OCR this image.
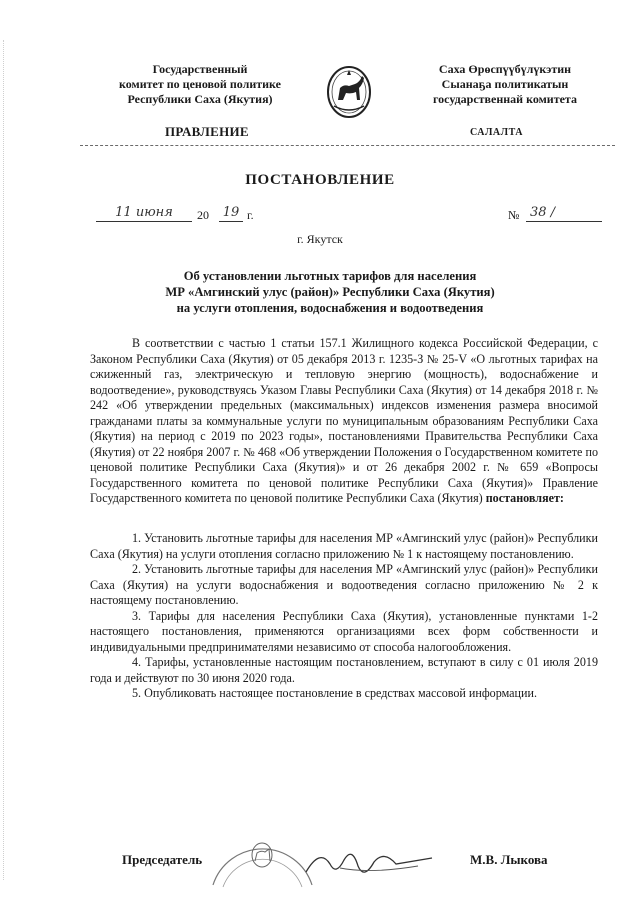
Государственный
комитет по ценовой политике
Республики Саха (Якутия)
Саха Өрөспүүбүлүкэтин
Сыанаҕа политикатын
государственнай комитета
ПРАВЛЕНИЕ	САЛАЛТА
ПОСТАНОВЛЕНИЕ
11 июня	20 19 г.	№ 38 /
г. Якутск
Об установлении льготных тарифов для населения
МР «Амгинский улус (район)» Республики Саха (Якутия)
на услуги отопления, водоснабжения и водоотведения

В соответствии с частью 1 статьи 157.1 Жилищного кодекса Российской Федерации, с Законом Республики Саха (Якутия) от 05 декабря 2013 г. 1235-З № 25-V «О льготных тарифах на сжиженный газ, электрическую и тепловую энергию (мощность), водоснабжение и водоотведение», руководствуясь Указом Главы Республики Саха (Якутия) от 14 декабря 2018 г. № 242 «Об утверждении предельных (максимальных) индексов изменения размера вносимой гражданами платы за коммунальные услуги по муниципальным образованиям Республики Саха (Якутия) на период с 2019 по 2023 годы», постановлениями Правительства Республики Саха (Якутия) от 22 ноября 2007 г. № 468 «Об утверждении Положения о Государственном комитете по ценовой политике Республики Саха (Якутия)» и от 26 декабря 2002 г. № 659 «Вопросы Государственного комитета по ценовой политике Республики Саха (Якутия)» Правление Государственного комитета по ценовой политике Республики Саха (Якутия) постановляет:

1. Установить льготные тарифы для населения МР «Амгинский улус (район)» Республики Саха (Якутия) на услуги отопления согласно приложению № 1 к настоящему постановлению.

2. Установить льготные тарифы для населения МР «Амгинский улус (район)» Республики Саха (Якутия) на услуги водоснабжения и водоотведения согласно приложению № 2 к настоящему постановлению.

3. Тарифы для населения Республики Саха (Якутия), установленные пунктами 1-2 настоящего постановления, применяются организациями всех форм собственности и индивидуальными предпринимателями независимо от способа налогообложения.

4. Тарифы, установленные настоящим постановлением, вступают в силу с 01 июля 2019 года и действуют по 30 июня 2020 года.

5. Опубликовать настоящее постановление в средствах массовой информации.

Председатель	М.В. Лыкова
